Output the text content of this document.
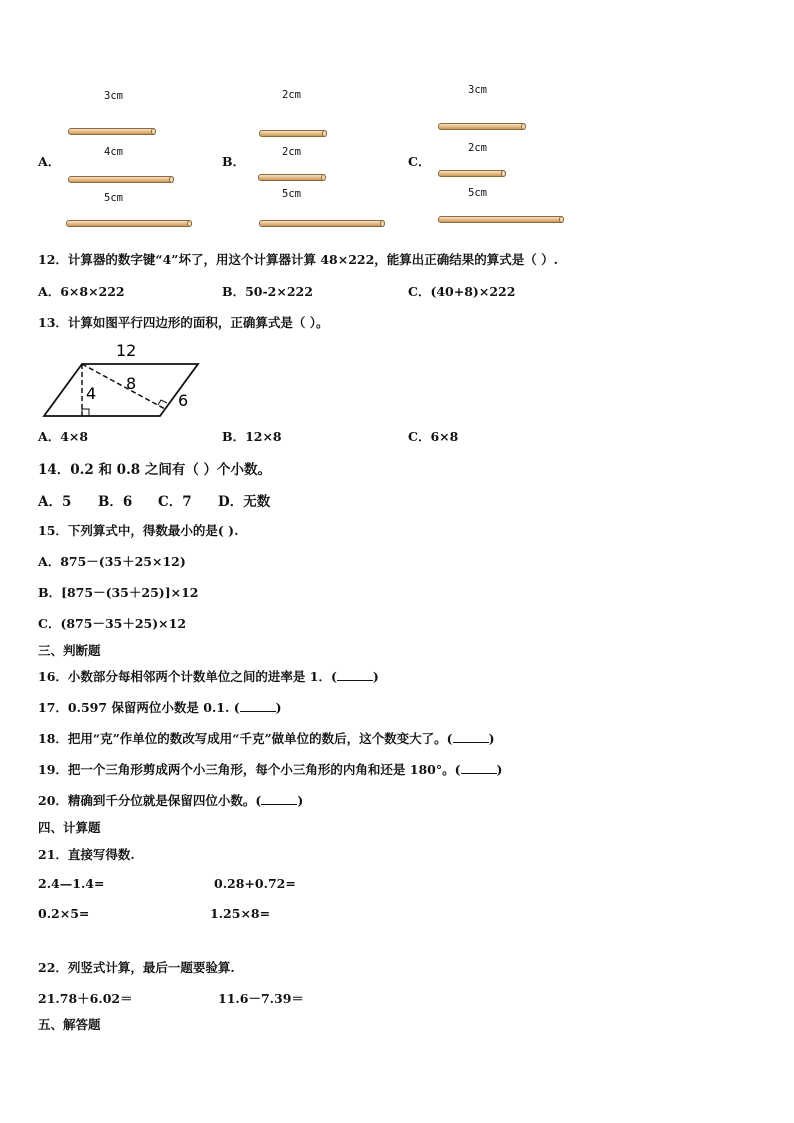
A．
3cm
4cm
5cm
B．
2cm
2cm
5cm
C．
3cm
2cm
5cm
12．计算器的数字键“4”坏了，用这个计算器计算 48×222，能算出正确结果的算式是（ ）.
A．6×8×222	B．50-2×222	C．(40+8)×222
13．计算如图平行四边形的面积，正确算式是（ ）。
12
4
8
6
A．4×8	B．12×8	C．6×8
14．0.2 和 0.8 之间有（ ）个小数。
A．5 B．6 C．7 D．无数
15．下列算式中，得数最小的是( ).
A．875－(35＋25×12)
B．[875－(35＋25)]×12
C．(875－35＋25)×12
三、判断题
16．小数部分每相邻两个计数单位之间的进率是 1．(	)
17．0.597 保留两位小数是 0.1. (	)
18．把用“克”作单位的数改写成用“千克”做单位的数后，这个数变大了。(	)
19．把一个三角形剪成两个小三角形，每个小三角形的内角和还是 180°。(	)
20．精确到千分位就是保留四位小数。(	)
四、计算题
21．直接写得数.
2.4—1.4=	0.28+0.72=
0.2×5=	1.25×8=
22．列竖式计算，最后一题要验算.
21.78＋6.02＝	11.6－7.39＝
五、解答题
